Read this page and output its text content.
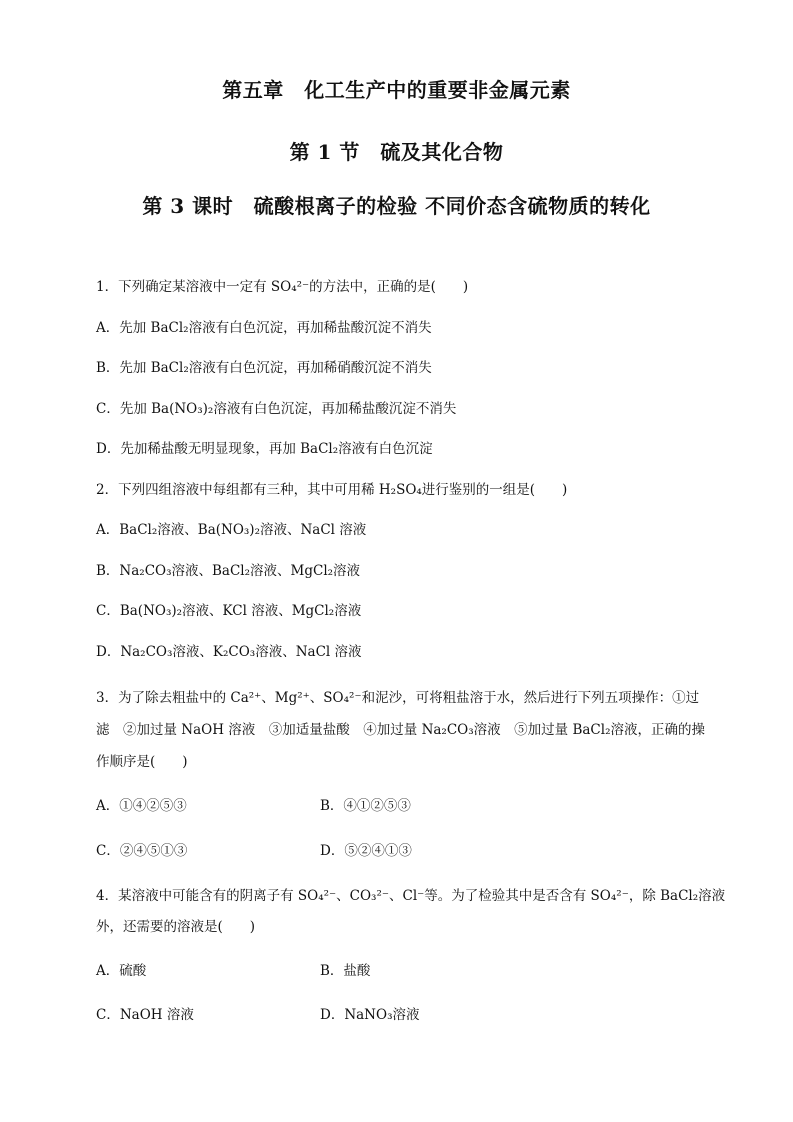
第五章　化工生产中的重要非金属元素
第 1 节　硫及其化合物
第 3 课时　硫酸根离子的检验 不同价态含硫物质的转化
1．下列确定某溶液中一定有 SO₄²⁻的方法中，正确的是(　　)
A．先加 BaCl₂溶液有白色沉淀，再加稀盐酸沉淀不消失
B．先加 BaCl₂溶液有白色沉淀，再加稀硝酸沉淀不消失
C．先加 Ba(NO₃)₂溶液有白色沉淀，再加稀盐酸沉淀不消失
D．先加稀盐酸无明显现象，再加 BaCl₂溶液有白色沉淀
2．下列四组溶液中每组都有三种，其中可用稀 H₂SO₄进行鉴别的一组是(　　)
A．BaCl₂溶液、Ba(NO₃)₂溶液、NaCl 溶液
B．Na₂CO₃溶液、BaCl₂溶液、MgCl₂溶液
C．Ba(NO₃)₂溶液、KCl 溶液、MgCl₂溶液
D．Na₂CO₃溶液、K₂CO₃溶液、NaCl 溶液
3．为了除去粗盐中的 Ca²⁺、Mg²⁺、SO₄²⁻和泥沙，可将粗盐溶于水，然后进行下列五项操作：①过
滤　②加过量 NaOH 溶液　③加适量盐酸　④加过量 Na₂CO₃溶液　⑤加过量 BaCl₂溶液，正确的操
作顺序是(　　)
A．①④②⑤③	B．④①②⑤③
C．②④⑤①③	D．⑤②④①③
4．某溶液中可能含有的阴离子有 SO₄²⁻、CO₃²⁻、Cl⁻等。为了检验其中是否含有 SO₄²⁻，除 BaCl₂溶液
外，还需要的溶液是(　　)
A．硫酸	B．盐酸
C．NaOH 溶液	D．NaNO₃溶液
